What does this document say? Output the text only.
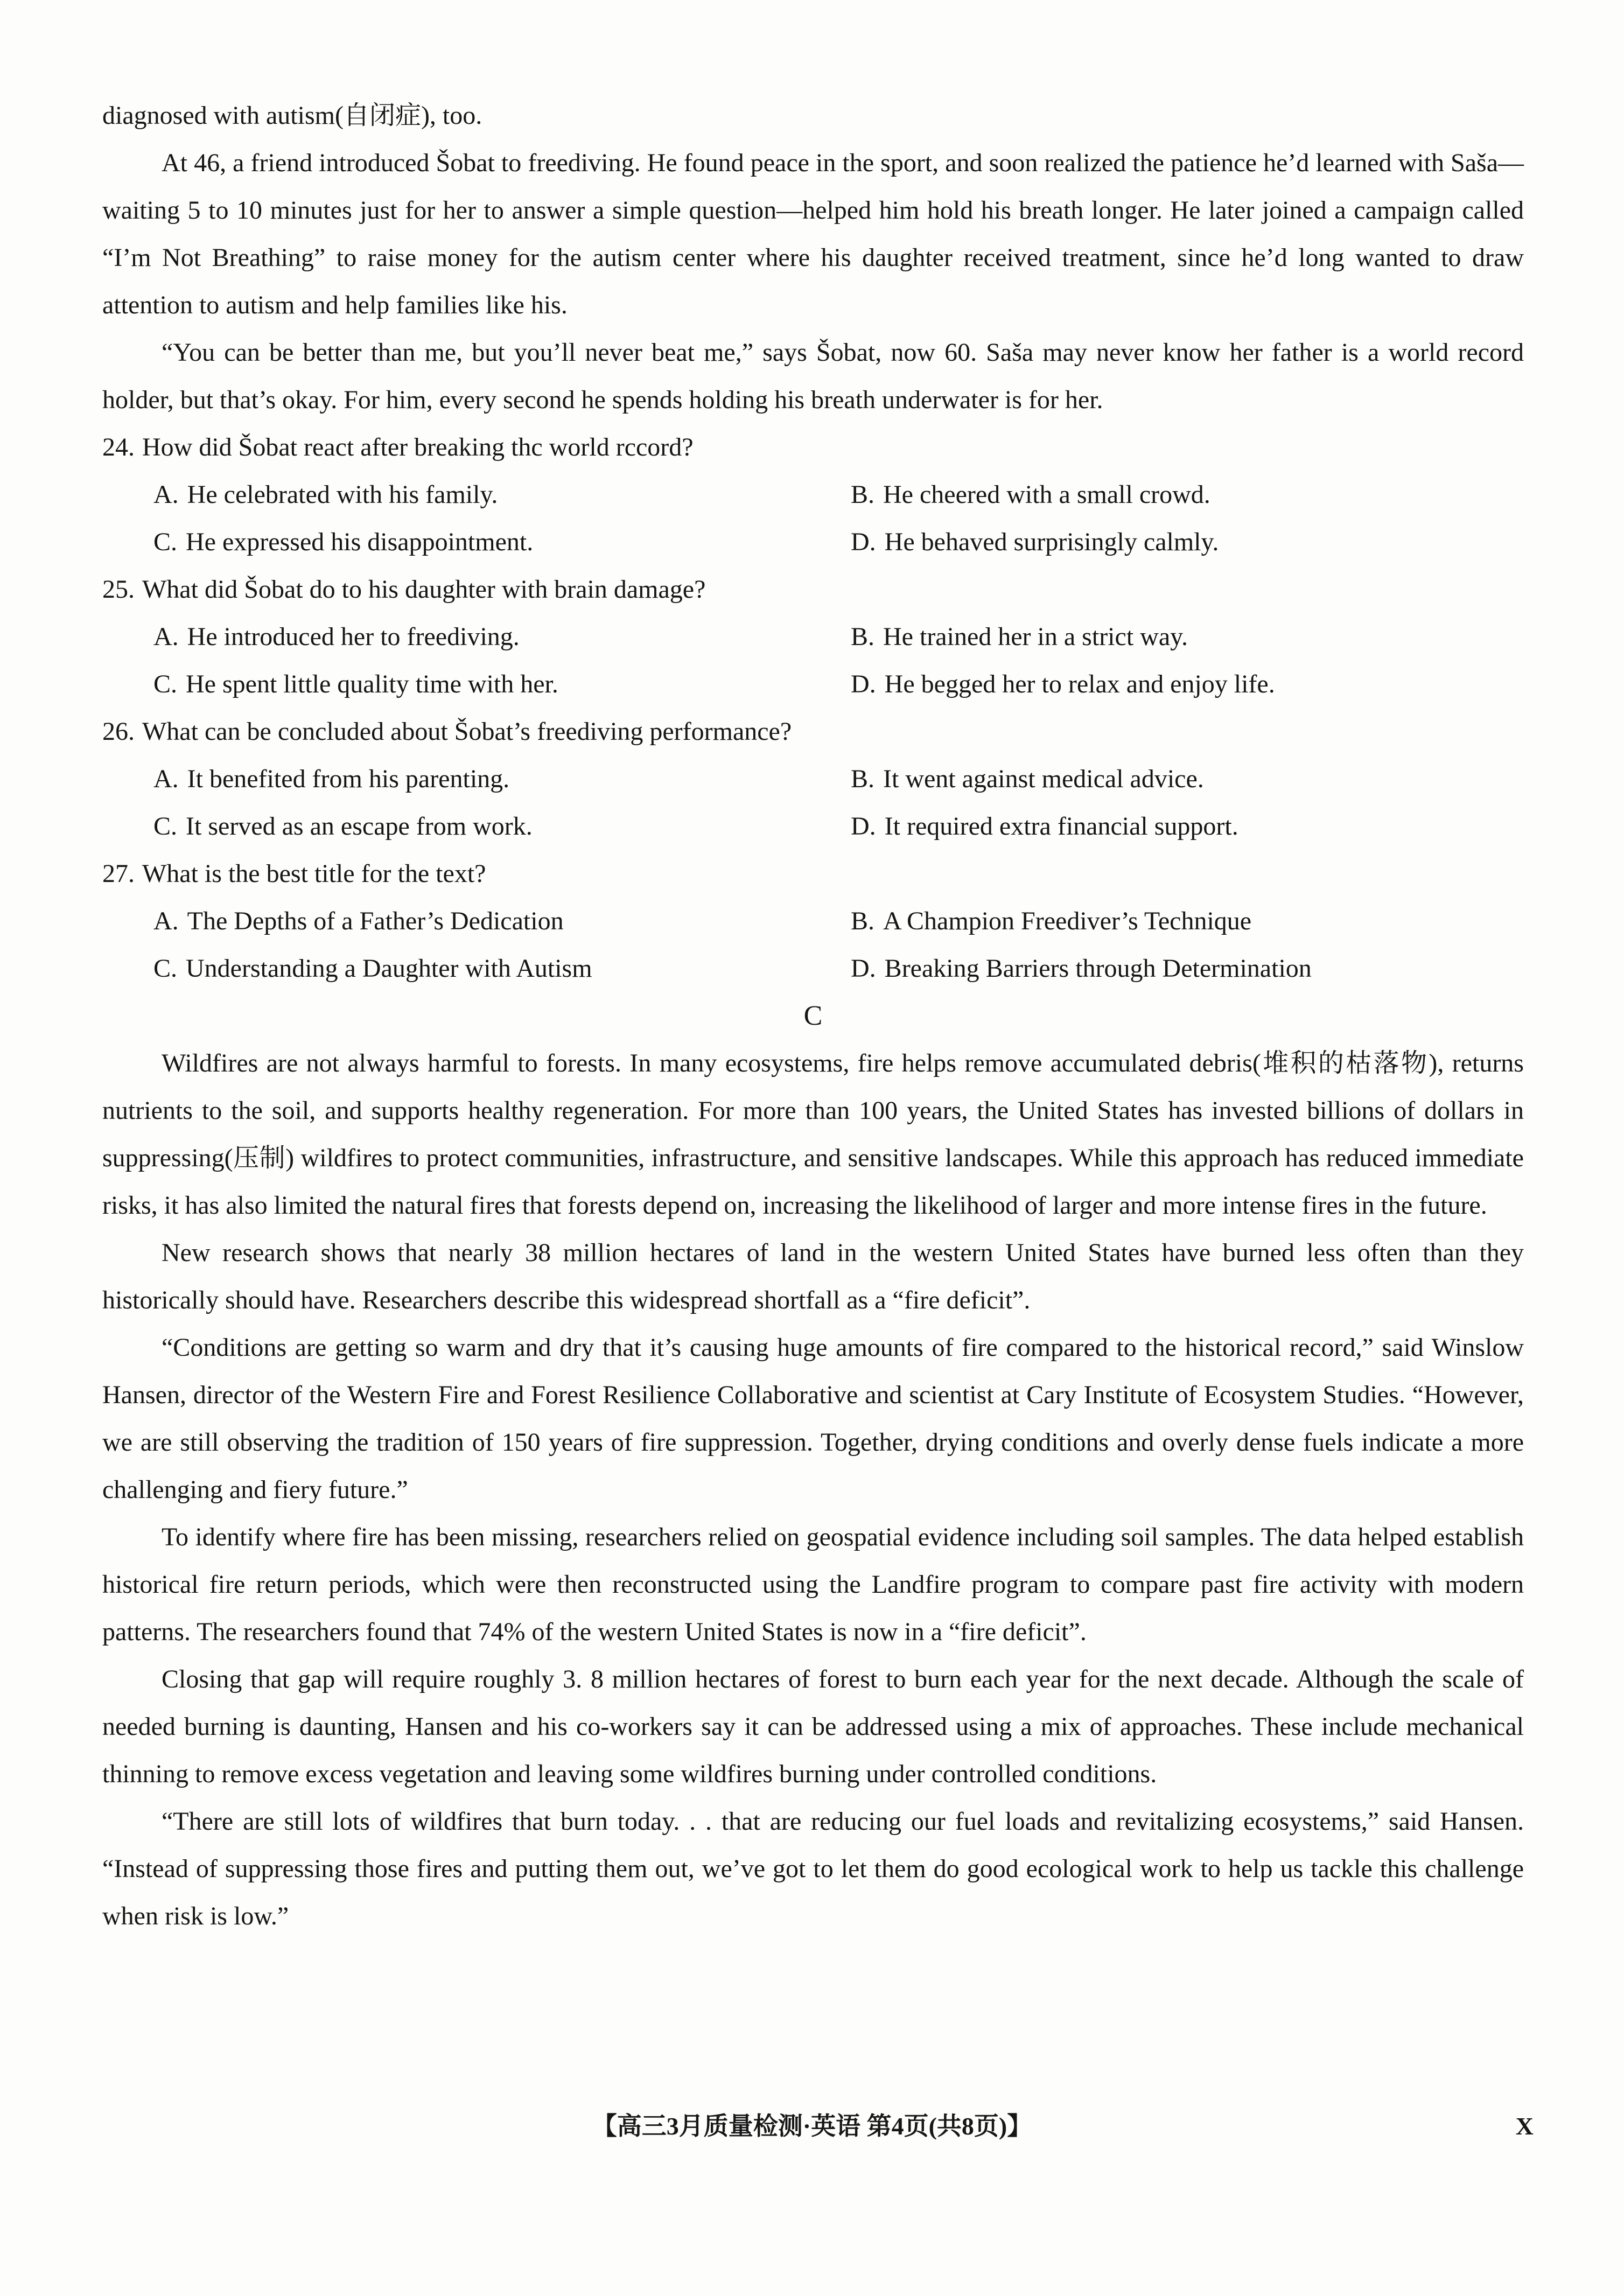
diagnosed with autism(自闭症), too.

At 46, a friend introduced Šobat to freediving. He found peace in the sport, and soon realized the patience he’d learned with Saša—waiting 5 to 10 minutes just for her to answer a simple question—helped him hold his breath longer. He later joined a campaign called “I’m Not Breathing” to raise money for the autism center where his daughter received treatment, since he’d long wanted to draw attention to autism and help families like his.

“You can be better than me, but you’ll never beat me,” says Šobat, now 60. Saša may never know her father is a world record holder, but that’s okay. For him, every second he spends holding his breath underwater is for her.

24. How did Šobat react after breaking thc world rccord?

A. He celebrated with his family.	B. He cheered with a small crowd.
C. He expressed his disappointment.	D. He behaved surprisingly calmly.

25. What did Šobat do to his daughter with brain damage?

A. He introduced her to freediving.	B. He trained her in a strict way.
C. He spent little quality time with her.	D. He begged her to relax and enjoy life.

26. What can be concluded about Šobat’s freediving performance?

A. It benefited from his parenting.	B. It went against medical advice.
C. It served as an escape from work.	D. It required extra financial support.

27. What is the best title for the text?

A. The Depths of a Father’s Dedication	B. A Champion Freediver’s Technique
C. Understanding a Daughter with Autism	D. Breaking Barriers through Determination

C

Wildfires are not always harmful to forests. In many ecosystems, fire helps remove accumulated debris(堆积的枯落物), returns nutrients to the soil, and supports healthy regeneration. For more than 100 years, the United States has invested billions of dollars in suppressing(压制) wildfires to protect communities, infrastructure, and sensitive landscapes. While this approach has reduced immediate risks, it has also limited the natural fires that forests depend on, increasing the likelihood of larger and more intense fires in the future.

New research shows that nearly 38 million hectares of land in the western United States have burned less often than they historically should have. Researchers describe this widespread shortfall as a “fire deficit”.

“Conditions are getting so warm and dry that it’s causing huge amounts of fire compared to the historical record,” said Winslow Hansen, director of the Western Fire and Forest Resilience Collaborative and scientist at Cary Institute of Ecosystem Studies. “However, we are still observing the tradition of 150 years of fire suppression. Together, drying conditions and overly dense fuels indicate a more challenging and fiery future.”

To identify where fire has been missing, researchers relied on geospatial evidence including soil samples. The data helped establish historical fire return periods, which were then reconstructed using the Landfire program to compare past fire activity with modern patterns. The researchers found that 74% of the western United States is now in a “fire deficit”.

Closing that gap will require roughly 3. 8 million hectares of forest to burn each year for the next decade. Although the scale of needed burning is daunting, Hansen and his co-workers say it can be addressed using a mix of approaches. These include mechanical thinning to remove excess vegetation and leaving some wildfires burning under controlled conditions.

“There are still lots of wildfires that burn today. . . that are reducing our fuel loads and revitalizing ecosystems,” said Hansen. “Instead of suppressing those fires and putting them out, we’ve got to let them do good ecological work to help us tackle this challenge when risk is low.”

【高三3月质量检测·英语 第4页(共8页)】	X
